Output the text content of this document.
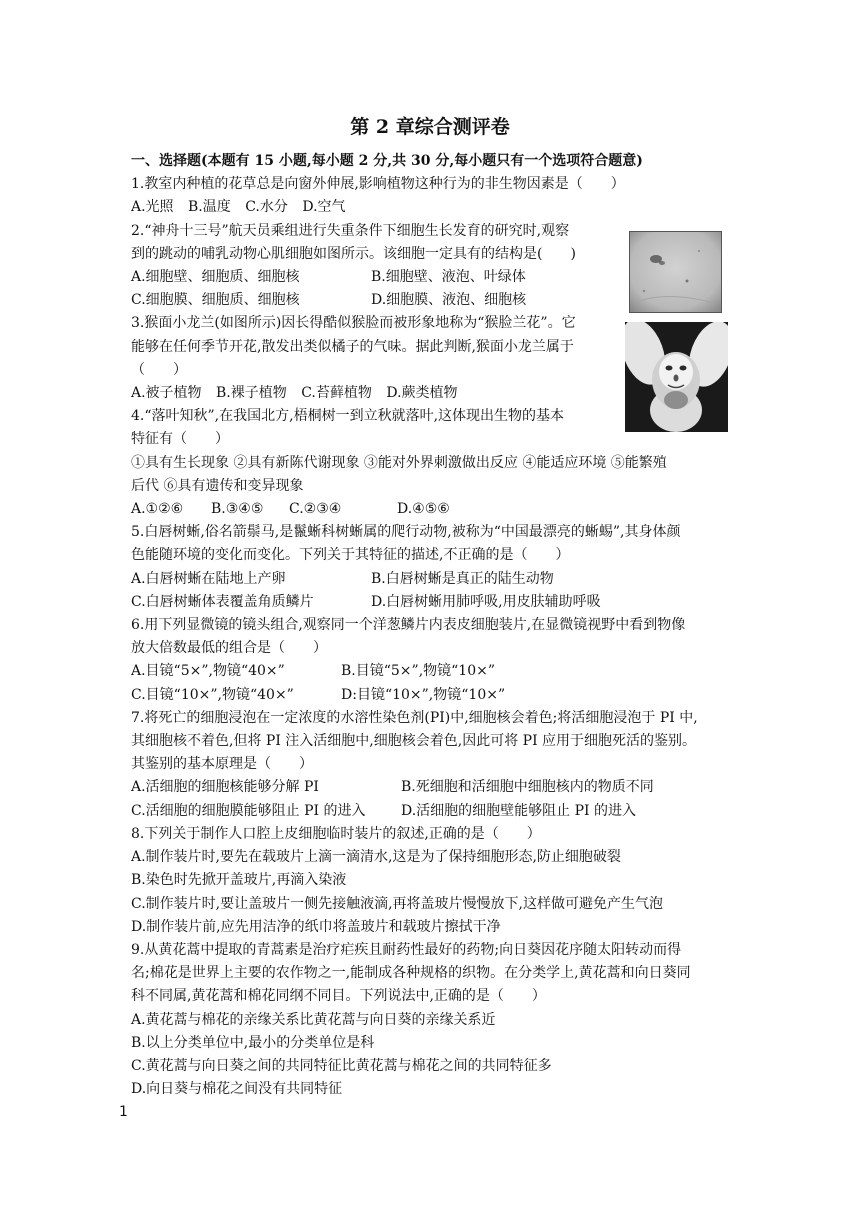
第 2 章综合测评卷
一、选择题(本题有 15 小题,每小题 2 分,共 30 分,每小题只有一个选项符合题意)
1.教室内种植的花草总是向窗外伸展,影响植物这种行为的非生物因素是（　　）
A.光照 B.温度 C.水分 D.空气
2.“神舟十三号”航天员乘组进行失重条件下细胞生长发育的研究时,观察
到的跳动的哺乳动物心肌细胞如图所示。该细胞一定具有的结构是(　　)
A.细胞壁、细胞质、细胞核	B.细胞壁、液泡、叶绿体
C.细胞膜、细胞质、细胞核	D.细胞膜、液泡、细胞核
3.猴面小龙兰(如图所示)因长得酷似猴脸而被形象地称为“猴脸兰花”。它
能够在任何季节开花,散发出类似橘子的气味。据此判断,猴面小龙兰属于
（　　）
A.被子植物 B.裸子植物 C.苔藓植物 D.蕨类植物
4.“落叶知秋”,在我国北方,梧桐树一到立秋就落叶,这体现出生物的基本
特征有（　　）
①具有生长现象 ②具有新陈代谢现象 ③能对外界刺激做出反应 ④能适应环境 ⑤能繁殖
后代 ⑥具有遗传和变异现象
A.①②⑥	B.③④⑤	C.②③④	D.④⑤⑥
5.白唇树蜥,俗名箭鬃马,是鬣蜥科树蜥属的爬行动物,被称为“中国最漂亮的蜥蜴”,其身体颜
色能随环境的变化而变化。下列关于其特征的描述,不正确的是（　　）
A.白唇树蜥在陆地上产卵	B.白唇树蜥是真正的陆生动物
C.白唇树蜥体表覆盖角质鳞片	D.白唇树蜥用肺呼吸,用皮肤辅助呼吸
6.用下列显微镜的镜头组合,观察同一个洋葱鳞片内表皮细胞装片,在显微镜视野中看到物像
放大倍数最低的组合是（　　）
A.目镜“5×”,物镜“40×”	B.目镜“5×”,物镜“10×”
C.目镜“10×”,物镜“40×”	D:目镜“10×”,物镜“10×”
7.将死亡的细胞浸泡在一定浓度的水溶性染色剂(PI)中,细胞核会着色;将活细胞浸泡于 PI 中,
其细胞核不着色,但将 PI 注入活细胞中,细胞核会着色,因此可将 PI 应用于细胞死活的鉴别。
其鉴别的基本原理是（　　）
A.活细胞的细胞核能够分解 PI	B.死细胞和活细胞中细胞核内的物质不同
C.活细胞的细胞膜能够阻止 PI 的进入	D.活细胞的细胞壁能够阻止 PI 的进入
8.下列关于制作人口腔上皮细胞临时装片的叙述,正确的是（　　）
A.制作装片时,要先在载玻片上滴一滴清水,这是为了保持细胞形态,防止细胞破裂
B.染色时先掀开盖玻片,再滴入染液
C.制作装片时,要让盖玻片一侧先接触液滴,再将盖玻片慢慢放下,这样做可避免产生气泡
D.制作装片前,应先用洁净的纸巾将盖玻片和载玻片擦拭干净
9.从黄花蒿中提取的青蒿素是治疗疟疾且耐药性最好的药物;向日葵因花序随太阳转动而得
名;棉花是世界上主要的农作物之一,能制成各种规格的织物。在分类学上,黄花蒿和向日葵同
科不同属,黄花蒿和棉花同纲不同目。下列说法中,正确的是（　　）
A.黄花蒿与棉花的亲缘关系比黄花蒿与向日葵的亲缘关系近
B.以上分类单位中,最小的分类单位是科
C.黄花蒿与向日葵之间的共同特征比黄花蒿与棉花之间的共同特征多
D.向日葵与棉花之间没有共同特征
1
